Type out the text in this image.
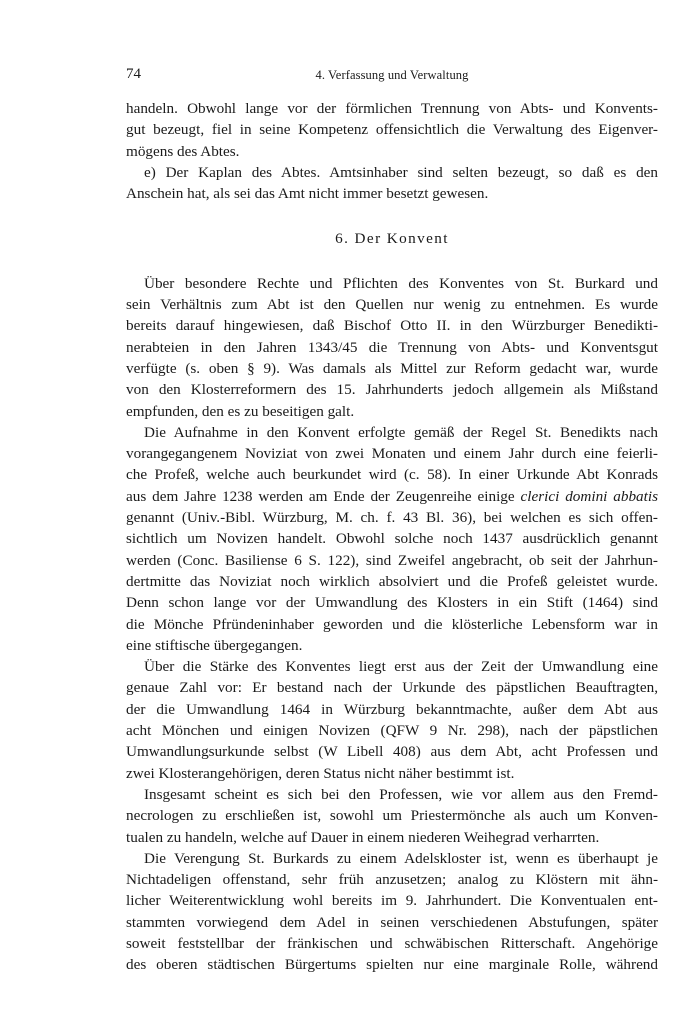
74	4. Verfassung und Verwaltung

handeln. Obwohl lange vor der förmlichen Trennung von Abts- und Konvents-
gut bezeugt, fiel in seine Kompetenz offensichtlich die Verwaltung des Eigenver-
mögens des Abtes.

e) Der Kaplan des Abtes. Amtsinhaber sind selten bezeugt, so daß es den
Anschein hat, als sei das Amt nicht immer besetzt gewesen.

6. Der Konvent

Über besondere Rechte und Pflichten des Konventes von St. Burkard und
sein Verhältnis zum Abt ist den Quellen nur wenig zu entnehmen. Es wurde
bereits darauf hingewiesen, daß Bischof Otto II. in den Würzburger Benedikti-
nerabteien in den Jahren 1343/45 die Trennung von Abts- und Konventsgut
verfügte (s. oben § 9). Was damals als Mittel zur Reform gedacht war, wurde
von den Klosterreformern des 15. Jahrhunderts jedoch allgemein als Mißstand
empfunden, den es zu beseitigen galt.

Die Aufnahme in den Konvent erfolgte gemäß der Regel St. Benedikts nach
vorangegangenem Noviziat von zwei Monaten und einem Jahr durch eine feierli-
che Profeß, welche auch beurkundet wird (c. 58). In einer Urkunde Abt Konrads
aus dem Jahre 1238 werden am Ende der Zeugenreihe einige clerici domini abbatis
genannt (Univ.-Bibl. Würzburg, M. ch. f. 43 Bl. 36), bei welchen es sich offen-
sichtlich um Novizen handelt. Obwohl solche noch 1437 ausdrücklich genannt
werden (Conc. Basiliense 6 S. 122), sind Zweifel angebracht, ob seit der Jahrhun-
dertmitte das Noviziat noch wirklich absolviert und die Profeß geleistet wurde.
Denn schon lange vor der Umwandlung des Klosters in ein Stift (1464) sind
die Mönche Pfründeninhaber geworden und die klösterliche Lebensform war in
eine stiftische übergegangen.

Über die Stärke des Konventes liegt erst aus der Zeit der Umwandlung eine
genaue Zahl vor: Er bestand nach der Urkunde des päpstlichen Beauftragten,
der die Umwandlung 1464 in Würzburg bekanntmachte, außer dem Abt aus
acht Mönchen und einigen Novizen (QFW 9 Nr. 298), nach der päpstlichen
Umwandlungsurkunde selbst (W Libell 408) aus dem Abt, acht Professen und
zwei Klosterangehörigen, deren Status nicht näher bestimmt ist.

Insgesamt scheint es sich bei den Professen, wie vor allem aus den Fremd-
necrologen zu erschließen ist, sowohl um Priestermönche als auch um Konven-
tualen zu handeln, welche auf Dauer in einem niederen Weihegrad verharrten.

Die Verengung St. Burkards zu einem Adelskloster ist, wenn es überhaupt je
Nichtadeligen offenstand, sehr früh anzusetzen; analog zu Klöstern mit ähn-
licher Weiterentwicklung wohl bereits im 9. Jahrhundert. Die Konventualen ent-
stammten vorwiegend dem Adel in seinen verschiedenen Abstufungen, später
soweit feststellbar der fränkischen und schwäbischen Ritterschaft. Angehörige
des oberen städtischen Bürgertums spielten nur eine marginale Rolle, während
